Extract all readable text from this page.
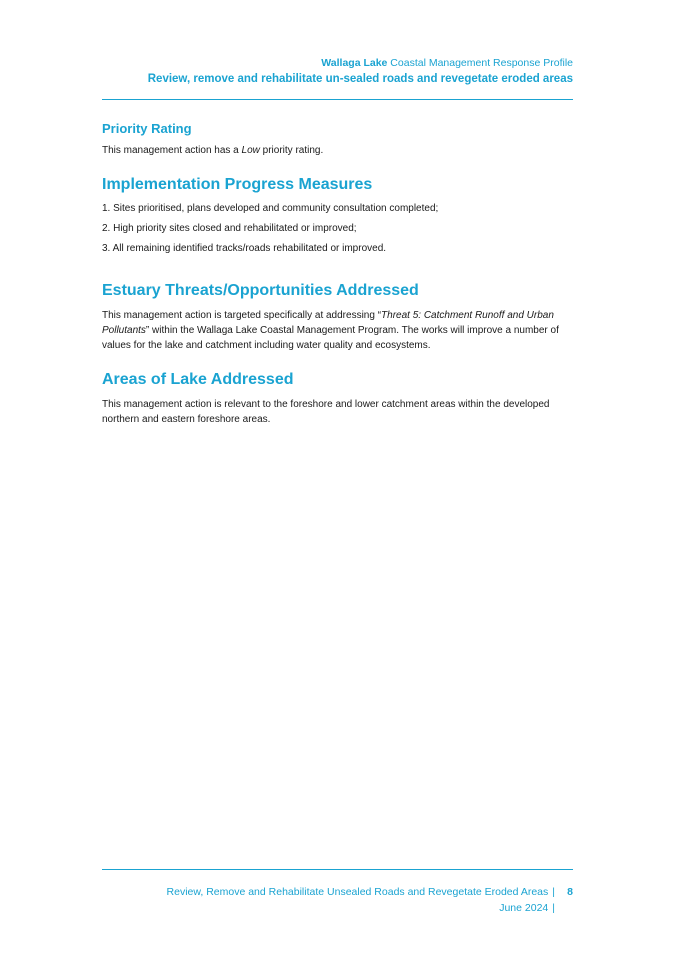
Wallaga Lake Coastal Management Response Profile
Review, remove and rehabilitate un-sealed roads and revegetate eroded areas
Priority Rating

This management action has a Low priority rating.

Implementation Progress Measures

1. Sites prioritised, plans developed and community consultation completed;

2. High priority sites closed and rehabilitated or improved;

3. All remaining identified tracks/roads rehabilitated or improved.

Estuary Threats/Opportunities Addressed

This management action is targeted specifically at addressing “Threat 5: Catchment Runoff and Urban Pollutants” within the Wallaga Lake Coastal Management Program. The works will improve a number of values for the lake and catchment including water quality and ecosystems.

Areas of Lake Addressed

This management action is relevant to the foreshore and lower catchment areas within the developed northern and eastern foreshore areas.

Review, Remove and Rehabilitate Unsealed Roads and Revegetate Eroded Areas |	8
June 2024 |
